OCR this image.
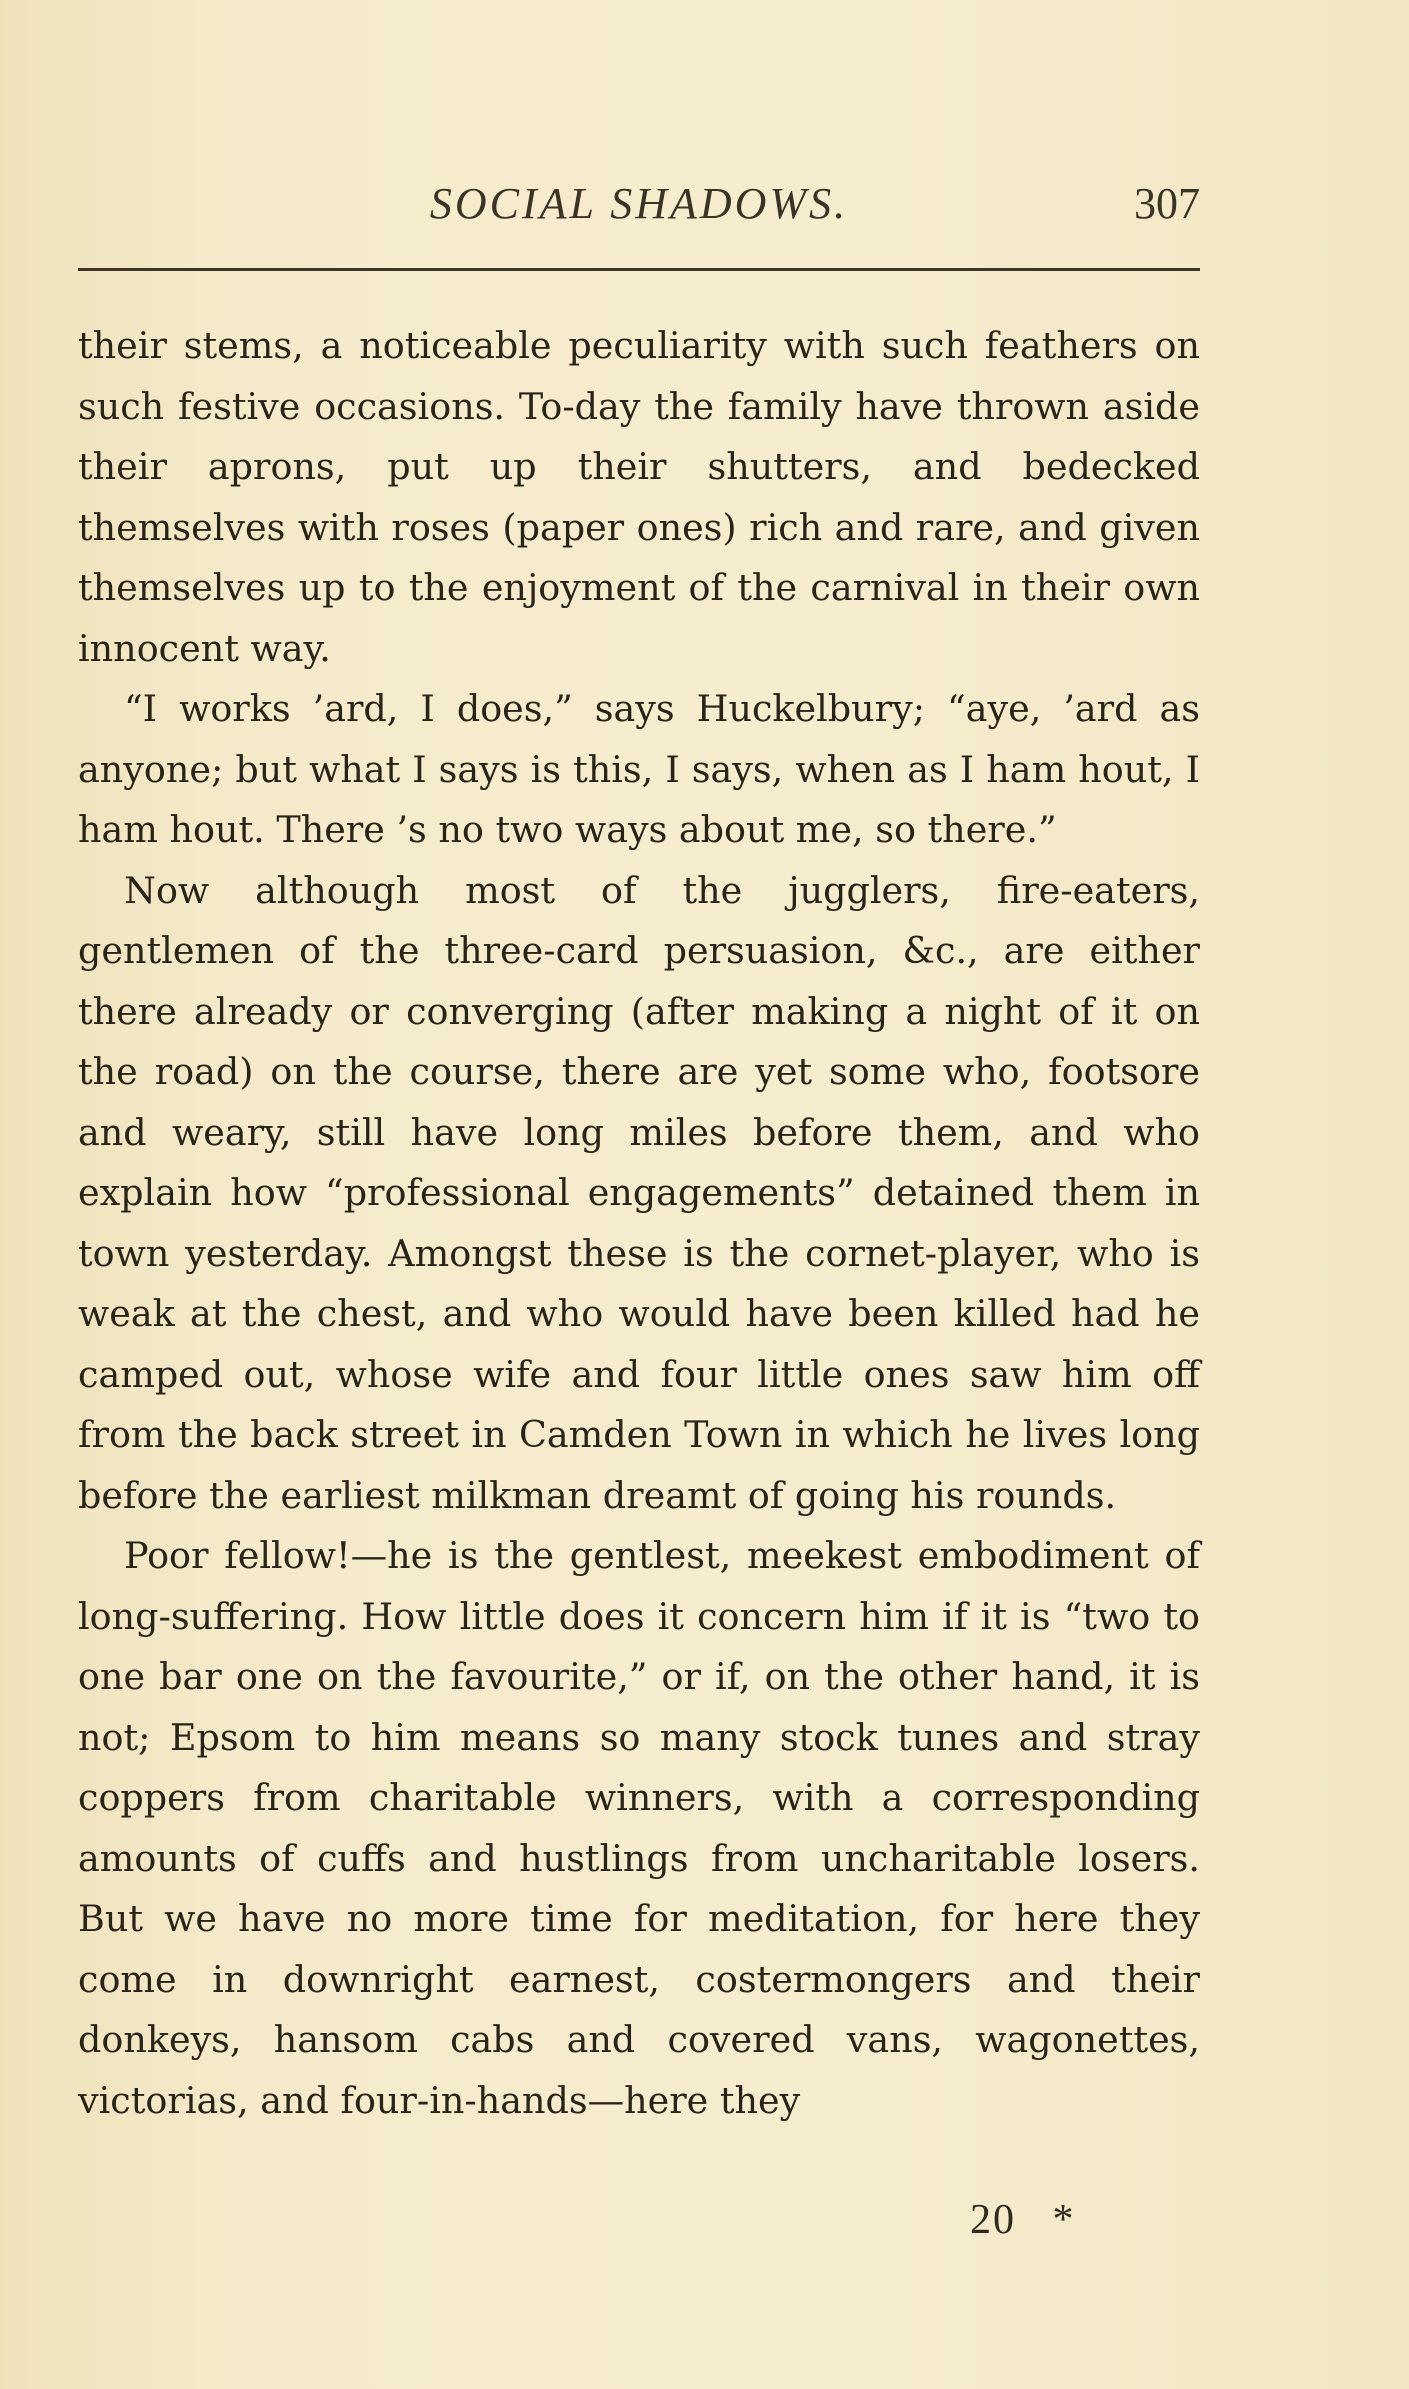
SOCIAL SHADOWS.	307

their stems, a noticeable peculiarity with such feathers on such festive occasions. To-day the family have thrown aside their aprons, put up their shutters, and bedecked themselves with roses (paper ones) rich and rare, and given themselves up to the enjoyment of the carnival in their own innocent way.

“I works ’ard, I does,” says Huckelbury; “aye, ’ard as anyone; but what I says is this, I says, when as I ham hout, I ham hout. There ’s no two ways about me, so there.”

Now although most of the jugglers, fire-eaters, gentlemen of the three-card persuasion, &c., are either there already or converging (after making a night of it on the road) on the course, there are yet some who, footsore and weary, still have long miles before them, and who explain how “professional engagements” detained them in town yesterday. Amongst these is the cornet-player, who is weak at the chest, and who would have been killed had he camped out, whose wife and four little ones saw him off from the back street in Camden Town in which he lives long before the earliest milkman dreamt of going his rounds.

Poor fellow!—he is the gentlest, meekest embodiment of long-suffering. How little does it concern him if it is “two to one bar one on the favourite,” or if, on the other hand, it is not; Epsom to him means so many stock tunes and stray coppers from charitable winners, with a corresponding amounts of cuffs and hustlings from uncharitable losers. But we have no more time for meditation, for here they come in downright earnest, costermongers and their donkeys, hansom cabs and covered vans, wagonettes, victorias, and four-in-hands—here they

20 *
